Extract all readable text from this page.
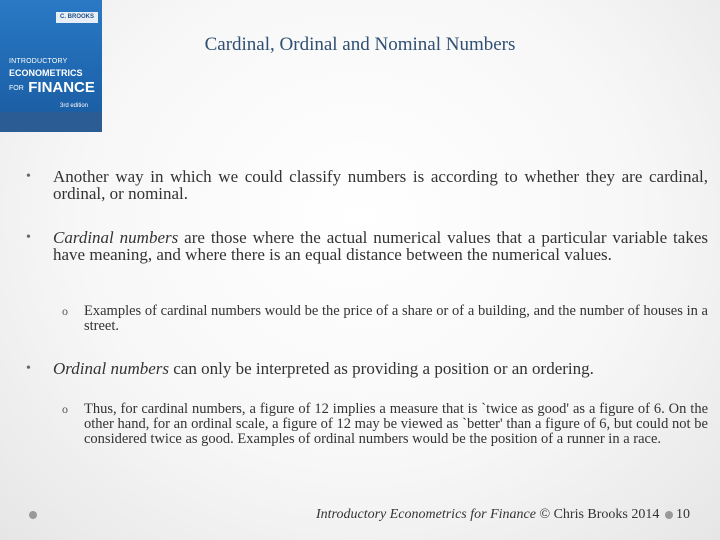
C. BROOKS
INTRODUCTORY
ECONOMETRICS
FOR FINANCE
3rd edition
Cardinal, Ordinal and Nominal Numbers
• Another way in which we could classify numbers is according to whether they are cardinal, ordinal, or nominal.
• Cardinal numbers are those where the actual numerical values that a particular variable takes have meaning, and where there is an equal distance between the numerical values.
o Examples of cardinal numbers would be the price of a share or of a building, and the number of houses in a street.
• Ordinal numbers can only be interpreted as providing a position or an ordering.
o Thus, for cardinal numbers, a figure of 12 implies a measure that is `twice as good' as a figure of 6. On the other hand, for an ordinal scale, a figure of 12 may be viewed as `better' than a figure of 6, but could not be considered twice as good. Examples of ordinal numbers would be the position of a runner in a race.
Introductory Econometrics for Finance © Chris Brooks 2014 10
